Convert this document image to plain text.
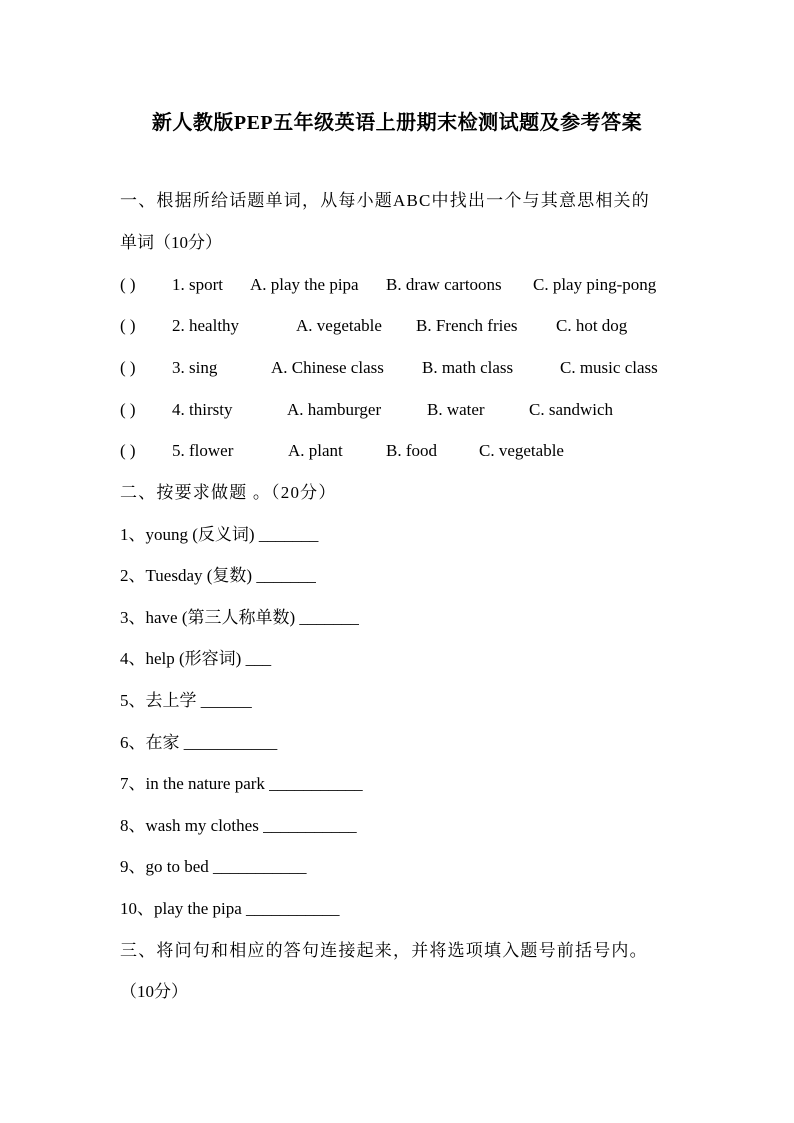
新人教版PEP五年级英语上册期末检测试题及参考答案
一、根据所给话题单词，从每小题ABC中找出一个与其意思相关的
单词（10分）
( ) 1. sport A. play the pipa B. draw cartoons C. play ping-pong
( ) 2. healthy	A. vegetable B. French fries C. hot dog
( ) 3. sing	A. Chinese class B. math class	C. music class
( ) 4. thirsty	A. hamburger	B. water	C. sandwich
( ) 5. flower	A. plant	B. food C. vegetable
二、按要求做题 。（20分）
1、young (反义词) _______
2、Tuesday (复数) _______
3、have (第三人称单数) _______
4、help (形容词) ___
5、去上学 ______
6、在家 ___________
7、in the nature park ___________
8、wash my clothes ___________
9、go to bed ___________
10、play the pipa ___________
三、将问句和相应的答句连接起来，并将选项填入题号前括号内。
（10分）
